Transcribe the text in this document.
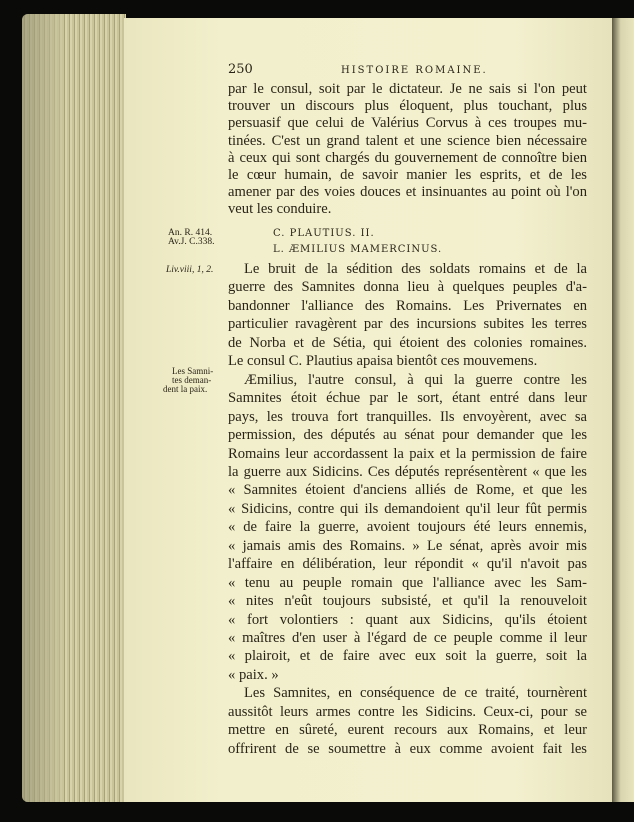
250	HISTOIRE ROMAINE.
par le consul, soit par le dictateur. Je ne sais si l'on peut
trouver un discours plus éloquent, plus touchant, plus
persuasif que celui de Valérius Corvus à ces troupes mu-
tinées. C'est un grand talent et une science bien nécessaire
à ceux qui sont chargés du gouvernement de connoître bien
le cœur humain, de savoir manier les esprits, et de les
amener par des voies douces et insinuantes au point où l'on
veut les conduire.
An. R. 414.
Av.J. C.338.
C. PLAUTIUS. II.
L. ÆMILIUS MAMERCINUS.
Liv.viii, 1, 2.
Les Samni-
tes deman-
dent la paix.
Le bruit de la sédition des soldats romains et de la
guerre des Samnites donna lieu à quelques peuples d'a-
bandonner l'alliance des Romains. Les Privernates en
particulier ravagèrent par des incursions subites les terres
de Norba et de Sétia, qui étoient des colonies romaines.
Le consul C. Plautius apaisa bientôt ces mouvemens.
Æmilius, l'autre consul, à qui la guerre contre les
Samnites étoit échue par le sort, étant entré dans leur
pays, les trouva fort tranquilles. Ils envoyèrent, avec sa
permission, des députés au sénat pour demander que les
Romains leur accordassent la paix et la permission de faire
la guerre aux Sidicins. Ces députés représentèrent « que les
« Samnites étoient d'anciens alliés de Rome, et que les
« Sidicins, contre qui ils demandoient qu'il leur fût permis
« de faire la guerre, avoient toujours été leurs ennemis,
« jamais amis des Romains. » Le sénat, après avoir mis
l'affaire en délibération, leur répondit « qu'il n'avoit pas
« tenu au peuple romain que l'alliance avec les Sam-
« nites n'eût toujours subsisté, et qu'il la renouveloit
« fort volontiers : quant aux Sidicins, qu'ils étoient
« maîtres d'en user à l'égard de ce peuple comme il leur
« plairoit, et de faire avec eux soit la guerre, soit la
« paix. »
Les Samnites, en conséquence de ce traité, tournèrent
aussitôt leurs armes contre les Sidicins. Ceux-ci, pour se
mettre en sûreté, eurent recours aux Romains, et leur
offrirent de se soumettre à eux comme avoient fait les
